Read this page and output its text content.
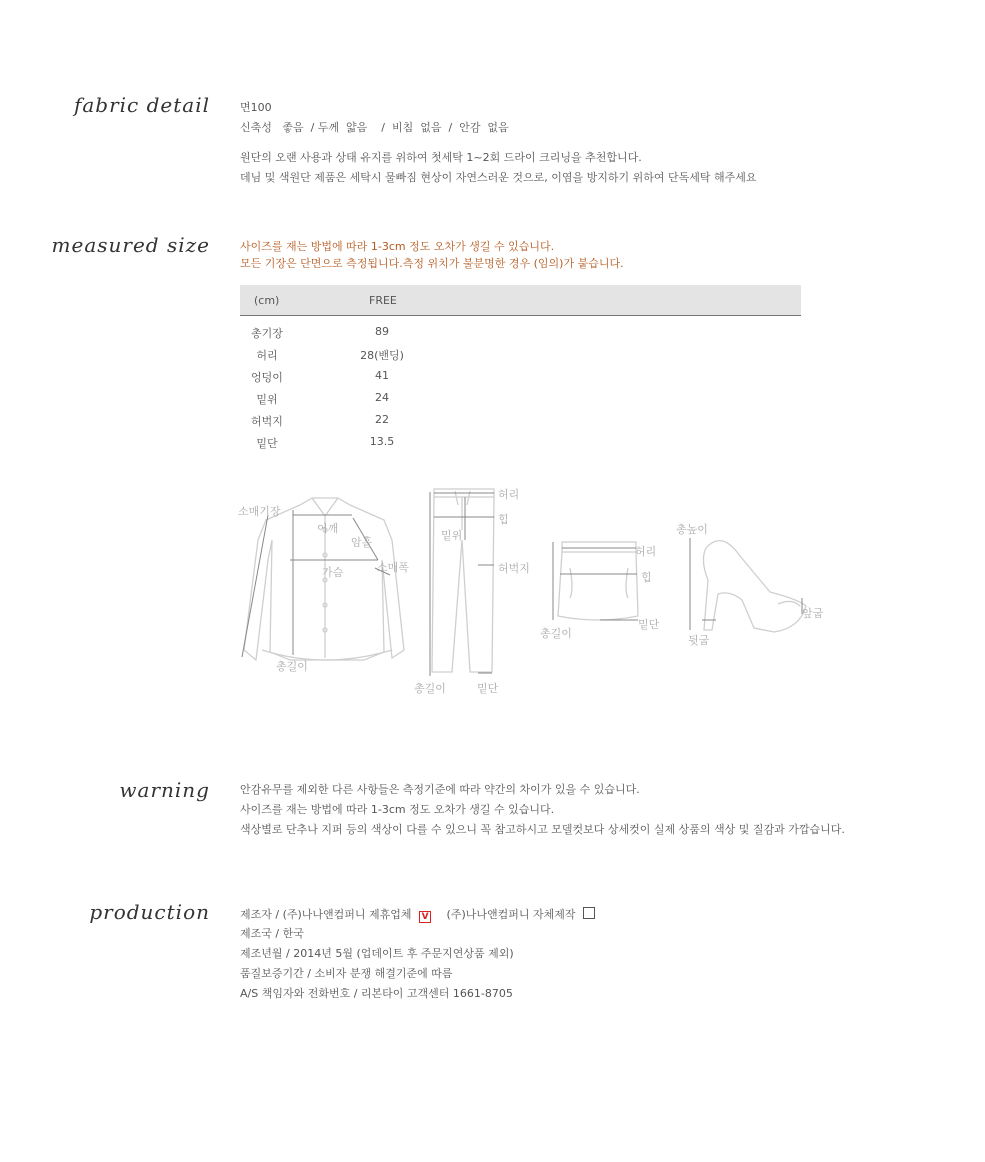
fabric detail	면100
신축성   좋음  / 두께  얇음    /  비침  없음  /  안감  없음
원단의 오랜 사용과 상태 유지를 위하여 첫세탁 1~2회 드라이 크리닝을 추천합니다.
데님 및 색원단 제품은 세탁시 물빠짐 현상이 자연스러운 것으로, 이염을 방지하기 위하여 단독세탁 해주세요
measured size	사이즈를 재는 방법에 따라 1-3cm 정도 오차가 생길 수 있습니다.
모든 기장은 단면으로 측정됩니다.측정 위치가 불분명한 경우 (임의)가 붙습니다.
(cm)	FREE
총기장	89
허리	28(밴딩)
엉덩이	41
밑위	24
허벅지	22
밑단	13.5
소매기장
어깨
암홀
가슴	소매폭
총길이
허리
힙
밑위
허벅지
총길이	밑단
허리
힙
총길이
밑단
총높이
앞굽
뒷굽
warning	안감유무를 제외한 다른 사항들은 측정기준에 따라 약간의 차이가 있을 수 있습니다.
사이즈를 재는 방법에 따라 1-3cm 정도 오차가 생길 수 있습니다.
색상별로 단추나 지퍼 등의 색상이 다를 수 있으니 꼭 참고하시고 모델컷보다 상세컷이 실제 상품의 색상 및 질감과 가깝습니다.
production	제조자 / (주)나나앤컴퍼니 제휴업체 V (주)나나앤컴퍼니 자체제작
제조국 / 한국
제조년월 / 2014년 5월 (업데이트 후 주문지연상품 제외)
품질보증기간 / 소비자 분쟁 해결기준에 따름
A/S 책임자와 전화번호 / 리본타이 고객센터 1661-8705
